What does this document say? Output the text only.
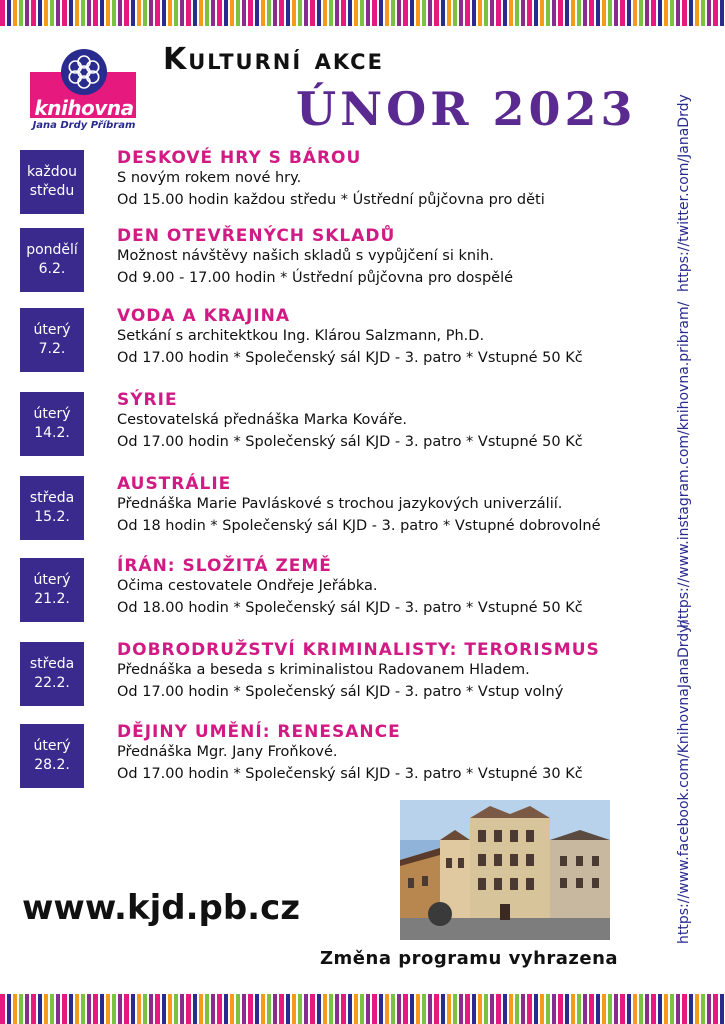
knihovna
Jana Drdy Příbram
Kulturní akce
ÚNOR 2023	https://twitter.com/JanaDrdy
https://www.instagram.com/knihovna.pribram/
https://www.facebook.com/KnihovnaJanaDrdy/
každou
středu
DESKOVÉ HRY S BÁROU
S novým rokem nové hry.
Od 15.00 hodin každou středu * Ústřední půjčovna pro děti
pondělí
6.2.
DEN OTEVŘENÝCH SKLADŮ
Možnost návštěvy našich skladů s vypůjčení si knih.
Od 9.00 - 17.00 hodin * Ústřední půjčovna pro dospělé
úterý
7.2.
VODA A KRAJINA
Setkání s architektkou Ing. Klárou Salzmann, Ph.D.
Od 17.00 hodin * Společenský sál KJD - 3. patro * Vstupné 50 Kč
úterý
14.2.
SÝRIE
Cestovatelská přednáška Marka Kováře.
Od 17.00 hodin * Společenský sál KJD - 3. patro * Vstupné 50 Kč
středa
15.2.
AUSTRÁLIE
Přednáška Marie Pavláskové s trochou jazykových univerzálií.
Od 18 hodin * Společenský sál KJD - 3. patro * Vstupné dobrovolné
úterý
21.2.
ÍRÁN: SLOŽITÁ ZEMĚ
Očima cestovatele Ondřeje Jeřábka.
Od 18.00 hodin * Společenský sál KJD - 3. patro * Vstupné 50 Kč
středa
22.2.
DOBRODRUŽSTVÍ KRIMINALISTY: TERORISMUS
Přednáška a beseda s kriminalistou Radovanem Hladem.
Od 17.00 hodin * Společenský sál KJD - 3. patro * Vstup volný
úterý
28.2.
DĚJINY UMĚNÍ: RENESANCE
Přednáška Mgr. Jany Froňkové.
Od 17.00 hodin * Společenský sál KJD - 3. patro * Vstupné 30 Kč
www.kjd.pb.cz
Změna programu vyhrazena
